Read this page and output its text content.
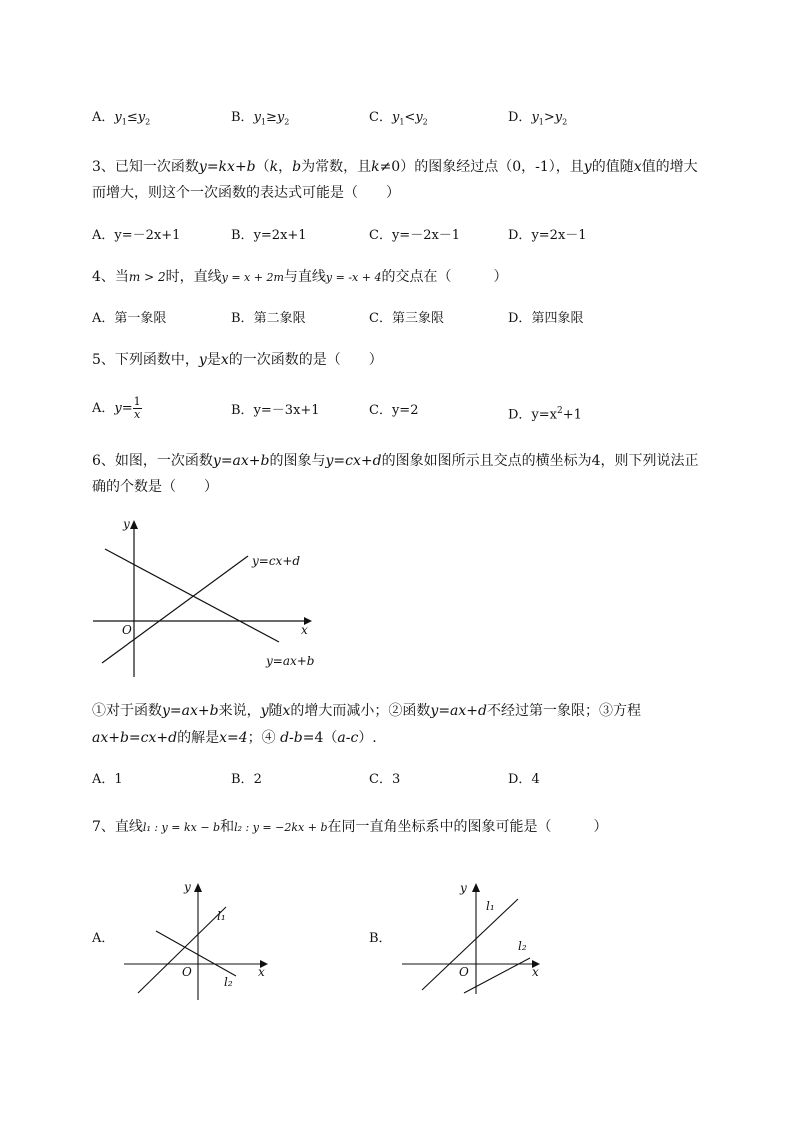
A．$y_1\le y_2$	B．$y_1\ge y_2$	C．$y_1<y_2$	D．$y_1>y_2$
3、已知一次函数y=kx+b（k，b为常数，且k≠0）的图象经过点（0，-1），且y的值随x值的增大
而增大，则这个一次函数的表达式可能是（　　）
A．y=－2x+1	B．y=2x+1	C．y=－2x－1	D．y=2x－1
4、当m > 2时，直线y = x + 2m与直线y = -x + 4的交点在（　　　）
A．第一象限	B．第二象限	C．第三象限	D．第四象限
5、下列函数中，y是x的一次函数的是（　　）
A．$y= \frac{1}{x}$	B．y=－3x+1	C．y=2	D．$y=x^2+1$
6、如图，一次函数y=ax+b的图象与y=cx+d的图象如图所示且交点的横坐标为4，则下列说法正
确的个数是（　　）
y
x
O
y=cx+d
y=ax+b
①对于函数y=ax+b来说，y随x的增大而减小；②函数y=ax+d不经过第一象限；③方程
ax+b=cx+d的解是x=4；④ d-b=4（a-c）.
A．1	B．2	C．3	D．4
7、直线l₁ : y = kx − b和l₂ : y = −2kx + b在同一直角坐标系中的图象可能是（　　　）
A．
y
x
O
l₁
l₂
B．
y
x
O
l₁
l₂
